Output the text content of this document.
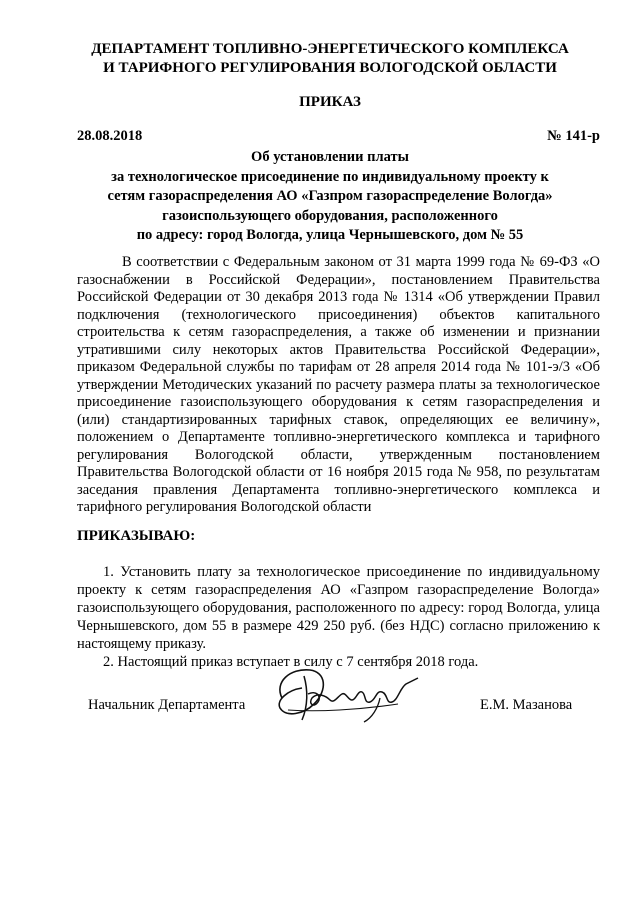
ДЕПАРТАМЕНТ ТОПЛИВНО-ЭНЕРГЕТИЧЕСКОГО КОМПЛЕКСА
И ТАРИФНОГО РЕГУЛИРОВАНИЯ ВОЛОГОДСКОЙ ОБЛАСТИ
ПРИКАЗ
28.08.2018	№ 141-р
Об установлении платы
за технологическое присоединение по индивидуальному проекту к
сетям газораспределения АО «Газпром газораспределение Вологда»
газоиспользующего оборудования, расположенного
по адресу: город Вологда, улица Чернышевского, дом № 55

В соответствии с Федеральным законом от 31 марта 1999 года № 69-ФЗ «О газоснабжении в Российской Федерации», постановлением Правительства Российской Федерации от 30 декабря 2013 года № 1314 «Об утверждении Правил подключения (технологического присоединения) объектов капитального строительства к сетям газораспределения, а также об изменении и признании утратившими силу некоторых актов Правительства Российской Федерации», приказом Федеральной службы по тарифам от 28 апреля 2014 года № 101-э/3 «Об утверждении Методических указаний по расчету размера платы за технологическое присоединение газоиспользующего оборудования к сетям газораспределения и (или) стандартизированных тарифных ставок, определяющих ее величину», положением о Департаменте топливно-энергетического комплекса и тарифного регулирования Вологодской области, утвержденным постановлением Правительства Вологодской области от 16 ноября 2015 года № 958, по результатам заседания правления Департамента топливно-энергетического комплекса и тарифного регулирования Вологодской области

ПРИКАЗЫВАЮ:

1. Установить плату за технологическое присоединение по индивидуальному проекту к сетям газораспределения АО «Газпром газораспределение Вологда» газоиспользующего оборудования, расположенного по адресу: город Вологда, улица Чернышевского, дом 55 в размере 429 250 руб. (без НДС) согласно приложению к настоящему приказу.

2. Настоящий приказ вступает в силу с 7 сентября 2018 года.

Начальник Департамента	Е.М. Мазанова
